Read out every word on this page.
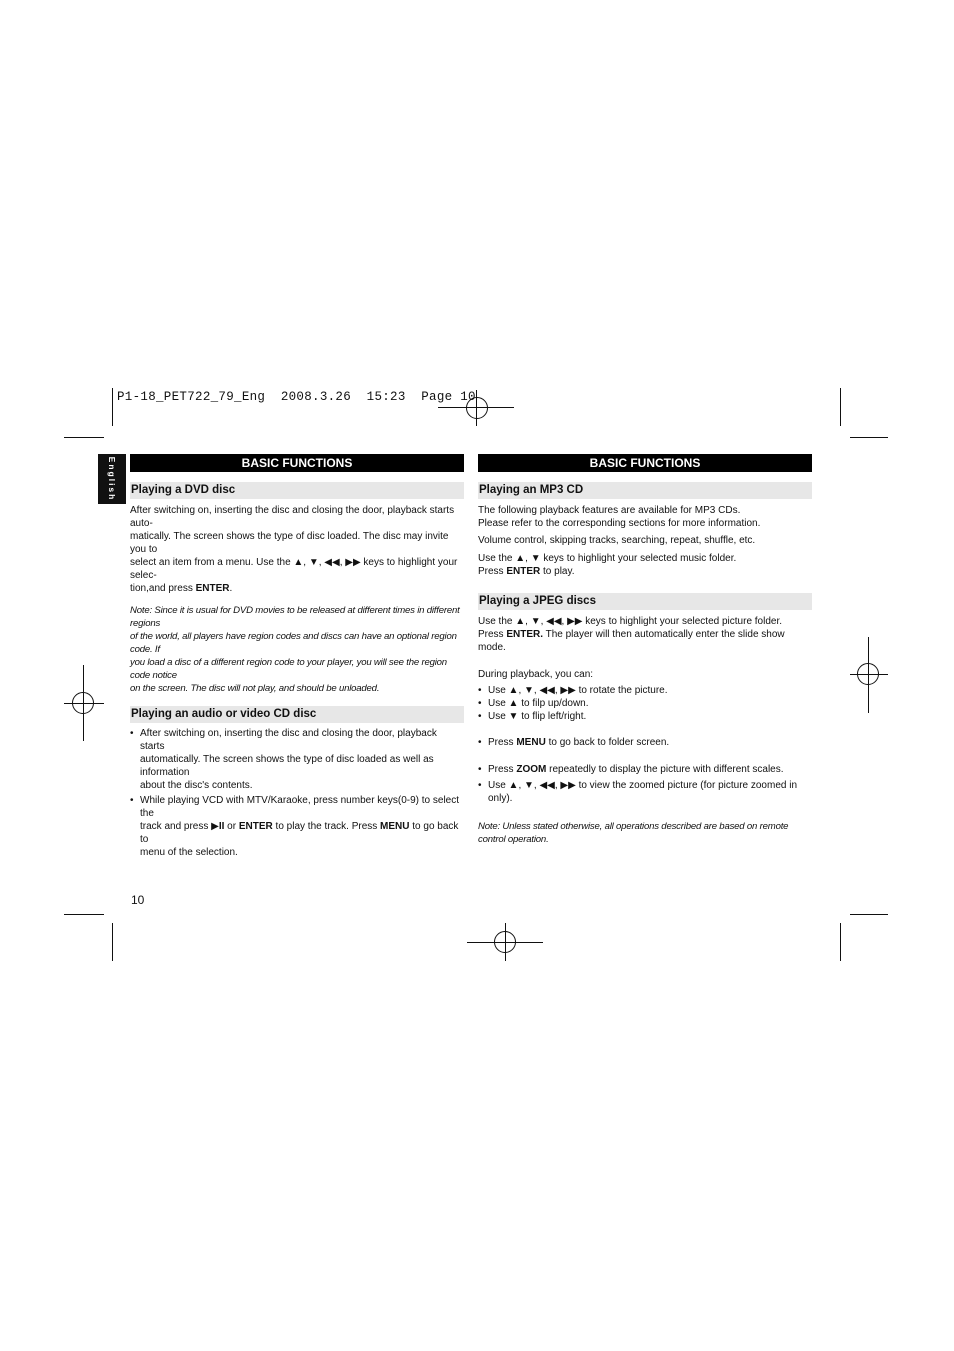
P1-18_PET722_79_Eng  2008.3.26  15:23  Page 10
English	BASIC FUNCTIONS
Playing a DVD disc

After switching on, inserting the disc and closing the door, playback starts auto-

matically. The screen shows the type of disc loaded. The disc may invite you to

select an item from a menu. Use the ▲, ▼, ◀◀, ▶▶ keys to highlight your selec-

tion,and press ENTER.

Note: Since it is usual for DVD movies to be released at different times in different regions

of the world, all players have region codes and discs can have an optional region code. If

you load a disc of a different region code to your player, you will see the region code notice

on the screen. The disc will not play, and should be unloaded.

Playing an audio or video CD disc
• After switching on, inserting the disc and closing the door, playback starts
automatically. The screen shows the type of disc loaded as well as information
about the disc's contents.
• While playing VCD with MTV/Karaoke, press number keys(0-9) to select the
track and press ▶II or ENTER to play the track. Press MENU to go back to
menu of the selection.
BASIC FUNCTIONS
Playing an MP3 CD

The following playback features are available for MP3 CDs.

Please refer to the corresponding sections for more information.

Volume control, skipping tracks, searching, repeat, shuffle, etc.

Use the ▲, ▼ keys to highlight your selected music folder.

Press ENTER to play.

Playing a JPEG discs

Use the ▲, ▼, ◀◀, ▶▶ keys to highlight your selected picture folder.

Press ENTER. The player will then automatically enter the slide show mode.

During playback, you can:

• Use ▲, ▼, ◀◀, ▶▶ to rotate the picture.
• Use ▲ to filp up/down.
• Use ▼ to flip left/right.
• Press MENU to go back to folder screen.
• Press ZOOM repeatedly to display the picture with different scales.
• Use ▲, ▼, ◀◀, ▶▶ to view the zoomed picture (for picture zoomed in only).

Note: Unless stated otherwise, all operations described are based on remote

control operation.

10
